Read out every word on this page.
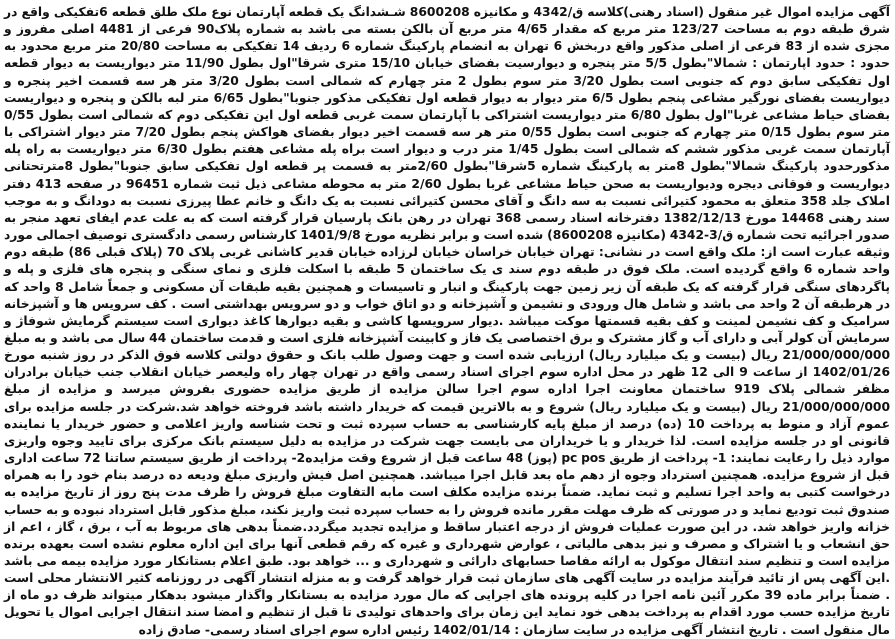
آگهی مزایده اموال غیر منقول (اسناد رهنی)کلاسه ق/4342 و مکانیزه 8600208 شـشدانگ یک قطعه آپارتمان نوع ملک طلق قطعه 6تفکیکی واقع در شرق طبقه دوم به مساحت 123/27 متر مربع که مقدار 4/65 متر مربع آن بالکن بسته می باشد به شماره پلاک90 فرعی از 4481 اصلی مفروز و مجزی شده از 83 فرعی از اصلی مذکور واقع دربخش 6 تهران به انضمام پارکینگ شماره 6 ردیف 14 تفکیکی به مساحت 20/80 متر مربع محدود به حدود : حدود اپارتمان : شمالا"بطول 5/5 متر پنجره و دیوارسیت بفضای خیابان 15/10 متری شرقا"اول بطول 11/90 متر دیواریست به دیوار قطعه اول تفکیکی سابق دوم که جنوبی است بطول 3/20 متر سوم بطول 2 متر چهارم که شمالی است بطول 3/20 متر هر سه قسمت اخیر پنجره و دیواریست بفضای نورگیر مشاعی پنجم بطول 6/5 متر دیوار به دیوار قطعه اول تفکیکی مذکور جنوبا"بطول 6/65 متر لبه بالکن و پنجره و دیواریست بفضای حیاط مشاعی غربا"اول بطول 6/80 متر دیواریست اشتراکی با آپارتمان سمت غربی قطعه اول این تفکیکی دوم که شمالی است بطول 0/55 متر سوم بطول 0/15 متر چهارم که جنوبی است بطول 0/55 متر هر سه قسمت اخیر دیوار بفضای هواکش پنجم بطول 7/20 متر دیوار اشتراکی با آپارتمان سمت غربی مذکور ششم که شمالی است بطول 1/45 متر درب و دیوار است براه پله مشاعی هفتم بطول 6/30 متر دیواریست به راه پله مذکورحدود پارکینگ شمالا"بطول 8متر به پارکینگ شماره 5شرقا"بطول 2/60متر به قسمت پر قطعه اول تفکیکی سابق جنوبا"بطول 8مترتحتانی دیواریست و فوقانی دیجره ودیواریست به صحن حیاط مشاعی غربا بطول 2/60 متر به محوطه مشاعی ذیل ثبت شماره 96451 در صفحه 413 دفتر املاک جلد 358 متعلق به محمود کتیرائی نسبت به سه دانگ و آقای محسن کتیرائی نسبت به یک دانگ و خانم عطا پیرزی نسبت به دودانگ و به موجب سند رهنی 14468 مورخ 1382/12/13 دفترخانه اسناد رسمی 368 تهران در رهن بانک پارسیان قرار گرفته است که به علت عدم ایفای تعهد منجر به صدور اجرائیه تحت شماره ق/3-4342 (مکانیزه 8600208) شده است و برابر نظریه مورخ 1401/9/8 کارشناس رسمی دادگستری توصیف اجمالی مورد وثیقه عبارت است از: ملک واقع است در نشانی: تهران خیابان خراسان خیابان لرزاده خیابان قدیر کاشانی غربی پلاک 70 (پلاک قبلی 86) طبقه دوم واحد شماره 6 واقع گردیده است. ملک فوق در طبقه دوم سند ی یک ساختمان 5 طبقه با اسکلت فلزی و نمای سنگی و پنجره های فلزی و پله و پاگردهای سنگی قرار گرفته که یک طبقه آن زیر زمین جهت پارکینگ و انبار و تاسیسات و همچنین بقیه طبقات آن مسکونی و جمعاً شامل 8 واحد که در هرطبقه آن 2 واحد می باشد و شامل هال ورودی و نشیمن و آشپزخانه و دو اتاق خواب و دو سرویس بهداشتی است . کف سرویس ها و آشپزخانه سرامیک و کف نشیمن لمینت و کف بقیه قسمتها موکت میباشد .دیوار سرویسها کاشی و بقیه دیوارها کاغذ دیواری است سیستم گرمایش شوفاژ و سرمایش آن کولر آبی و دارای آب و گاز مشترک و برق اختصاصی یک فاز و کابینت آشپزخانه فلزی است و قدمت ساختمان 44 سال می باشد و به مبلغ 21/000/000/000 ریال (بیست و یک میلیارد ریال) ارزیابی شده است و جهت وصول طلب بانک و حقوق دولتی کلاسه فوق الذکر در روز شنبه مورخ 1402/01/26 از ساعت 9 الی 12 ظهر در محل اداره سوم اجرای اسناد رسمی واقع در تهران چهار راه ولیعصر خیابان انقلاب جنب خیابان برادران مظفر شمالی پلاک 919 ساختمان معاونت اجرا اداره سوم اجرا سالن مزایده از طریق مزایده حضوری بفروش میرسد و مزایده از مبلغ 21/000/000/000 ریال (بیست و یک میلیارد ریال) شروع و به بالاترین قیمت که خریدار داشته باشد فروخته خواهد شد.شرکت در جلسه مزایده برای عموم آزاد و منوط به پرداخت 10 (ده) درصد از مبلغ پایه کارشناسی به حساب سپرده ثبت و تحت شناسه واریز اعلامی و حضور خریدار یا نماینده قانونی او در جلسه مزایده است. لذا خریدار و یا خریداران می بایست جهت شرکت در مزایده به دلیل سیستم بانک مرکزی برای تایید وجوه واریزی موارد ذیل را رعایت نمایند: 1- پرداخت از طریق pc pos (پوز) 48 ساعت قبل از شروع وقت مزایده2- پرداخت از طریق سیستم ساتنا 72 ساعت اداری قبل از شروع مزایده. همچنین استرداد وجوه از دهم ماه بعد قابل اجرا میباشد. همچنین اصل فیش واریزی مبلغ ودیعه ده درصد بنام خود را به همراه درخواست کتبی به واحد اجرا تسلیم و ثبت نماید. ضمناً برنده مزایده مکلف است مابه التفاوت مبلغ فروش را ظرف مدت پنج روز از تاریخ مزایده به صندوق ثبت تودیع نماید و در صورتی که ظرف مهلت مقرر مانده فروش را به حساب سپرده ثبت واریز نکند، مبلغ مذکور قابل استرداد نبوده و به حساب خزانه واریز خواهد شد. در این صورت عملیات فروش از درجه اعتبار ساقط و مزایده تجدید میگردد.ضمناً بدهی های مربوط به آب ، برق ، گاز ، اعم از حق انشعاب و یا اشتراک و مصرف و نیز بدهی مالیاتی ، عوارض شهرداری و غیره که رقم قطعی آنها برای این اداره معلوم نشده است بعهده برنده مزایده است و تنظیم سند انتقال موکول به ارائه مفاصا حسابهای دارائی و شهرداری و ... خواهد بود. طبق اعلام بستانکار مورد مزایده بیمه می باشد .این آگهی پس از تائید فرآیند مزایده در سایت آگهی های سازمان ثبت قرار خواهد گرفت و به منزله انتشار آگهی در روزنامه کثیر الانتشار محلی است . ضمناً برابر ماده 39 مکرر آئین نامه اجرا در کلیه پرونده های اجرایی که مال مورد مزایده به بستانکار واگذار میشود بدهکار میتواند ظرف دو ماه از تاریخ مزایده حسب مورد اقدام به پرداخت بدهی خود نماید این زمان برای واحدهای تولیدی تا قبل از تنظیم و امضا سند انتقال اجرایی اموال یا تحویل مال منقول است . تاریخ انتشار آگهی مزایده در سایت سازمان : 1402/01/14 رئیس اداره سوم اجرای اسناد رسمی- صادق زاده
